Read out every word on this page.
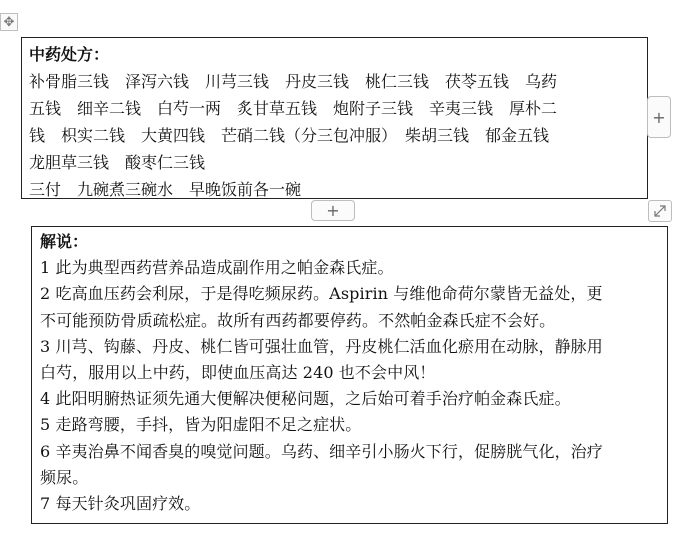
✥
中药处方：
补骨脂三钱　泽泻六钱　川芎三钱　丹皮三钱　桃仁三钱　茯苓五钱　乌药
五钱　细辛二钱　白芍一两　炙甘草五钱　炮附子三钱　辛夷三钱　厚朴二
钱　枳实二钱　大黄四钱　芒硝二钱（分三包冲服）　柴胡三钱　郁金五钱
龙胆草三钱　酸枣仁三钱
三付　九碗煮三碗水　早晚饭前各一碗
+
+
解说：
1 此为典型西药营养品造成副作用之帕金森氏症。
2 吃高血压药会利尿，于是得吃频尿药。Aspirin 与维他命荷尔蒙皆无益处，更
不可能预防骨质疏松症。故所有西药都要停药。不然帕金森氏症不会好。
3 川芎、钩藤、丹皮、桃仁皆可强壮血管，丹皮桃仁活血化瘀用在动脉，静脉用
白芍，服用以上中药，即使血压高达 240 也不会中风！
4 此阳明腑热证须先通大便解决便秘问题，之后始可着手治疗帕金森氏症。
5 走路弯腰，手抖，皆为阳虚阳不足之症状。
6 辛夷治鼻不闻香臭的嗅觉问题。乌药、细辛引小肠火下行，促膀胱气化，治疗
频尿。
7 每天针灸巩固疗效。
